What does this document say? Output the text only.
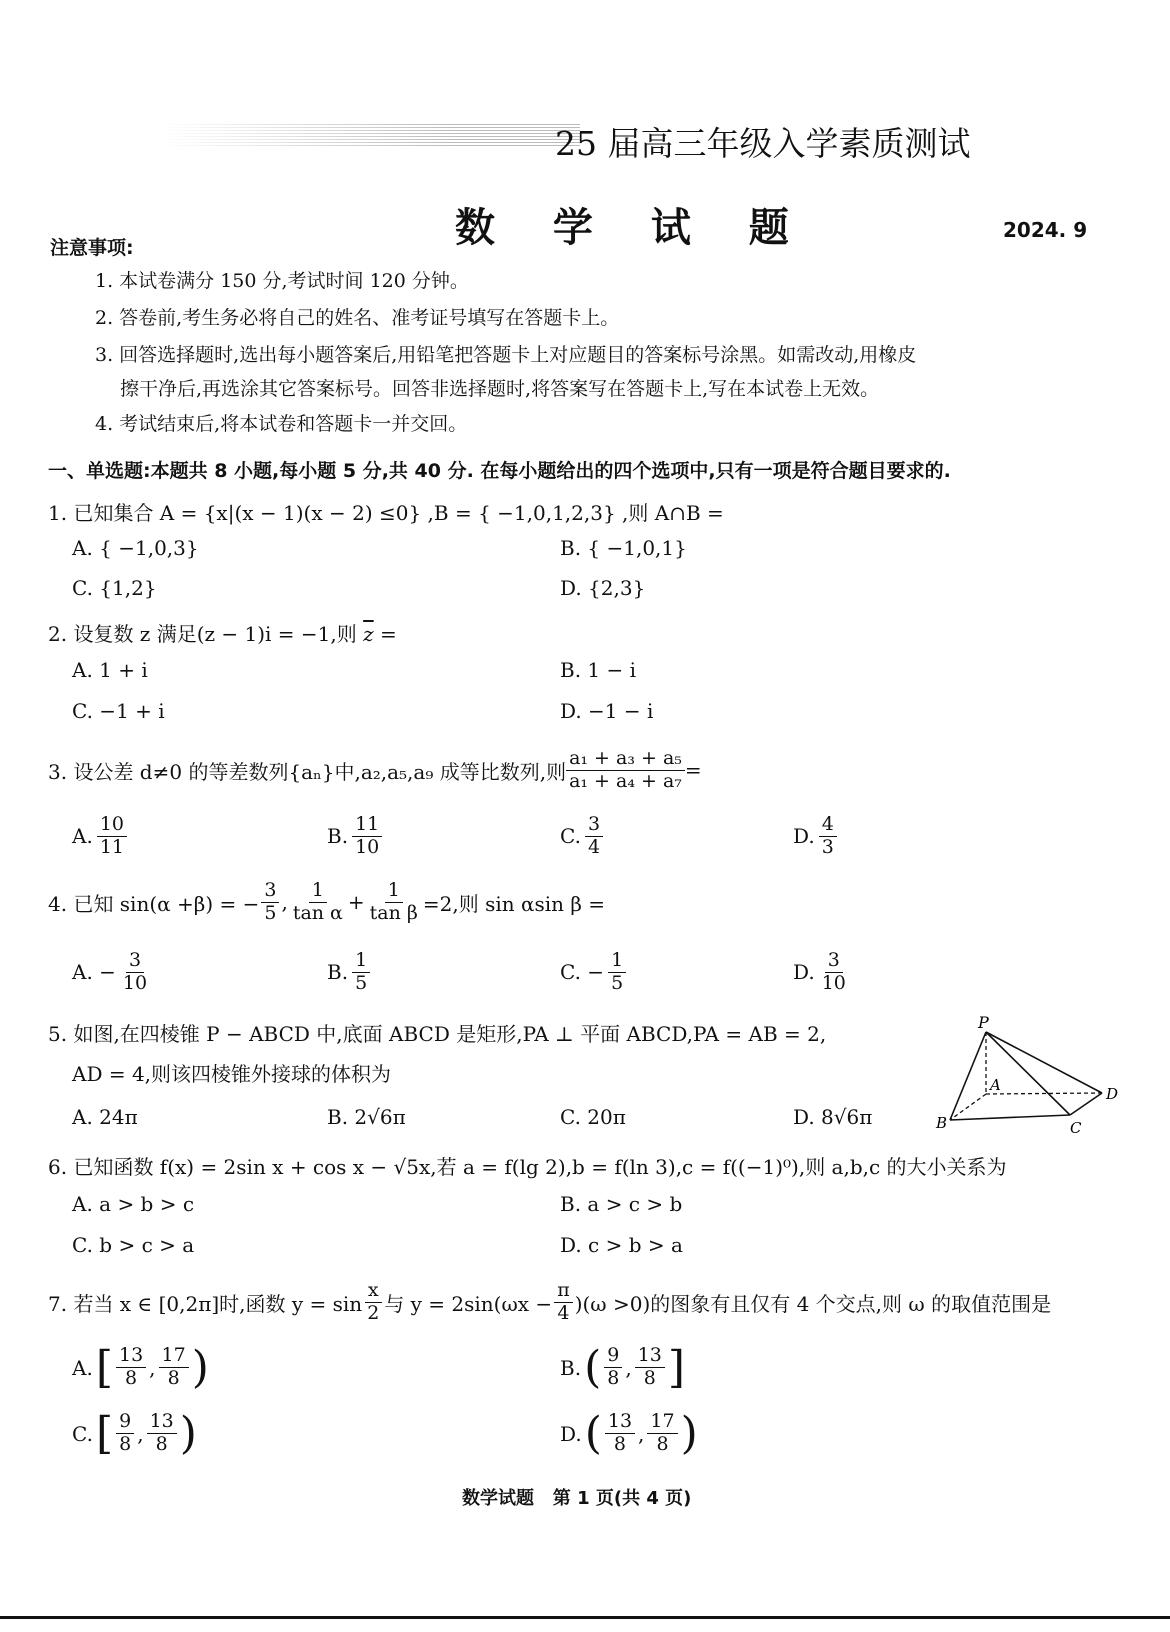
25 届高三年级入学素质测试
数 学 试 题	2024. 9
注意事项:
1. 本试卷满分 150 分,考试时间 120 分钟。
2. 答卷前,考生务必将自己的姓名、准考证号填写在答题卡上。
3. 回答选择题时,选出每小题答案后,用铅笔把答题卡上对应题目的答案标号涂黑。如需改动,用橡皮
擦干净后,再选涂其它答案标号。回答非选择题时,将答案写在答题卡上,写在本试卷上无效。
4. 考试结束后,将本试卷和答题卡一并交回。
一、单选题:本题共 8 小题,每小题 5 分,共 40 分. 在每小题给出的四个选项中,只有一项是符合题目要求的.
1. 已知集合 A = {x|(x − 1)(x − 2) ≤0} ,B = { −1,0,1,2,3} ,则 A∩B =
A. { −1,0,3}	B. { −1,0,1}
C. {1,2}	D. {2,3}
2. 设复数 z 满足(z − 1)i = −1,则 $\overline{z}$ =
A. 1 + i	B. 1 − i
C. −1 + i	D. −1 − i
3. 设公差 d≠0 的等差数列{aₙ}中,a₂,a₅,a₉ 成等比数列,则 $\frac{\text{a₁ + a₃ + a₅}}{\text{a₁ + a₄ + a₇}}$ =
A. $\frac{10}{11}$	B. $\frac{11}{10}$	C. $\frac{3}{4}$	D. $\frac{4}{3}$
4. 已知 sin(α +β) = − $\frac{3}{5}$ , $\frac{1}{\text{tan α}} + \frac{1}{\text{tan β}} =2$,则 sin αsin β =
A. − $\frac{3}{10}$	B. $\frac{1}{5}$	C. − $\frac{1}{5}$	D. $\frac{3}{10}$
5. 如图,在四棱锥 P − ABCD 中,底面 ABCD 是矩形,PA ⊥ 平面 ABCD,PA = AB = 2,
AD = 4,则该四棱锥外接球的体积为
A. 24π	B. 2√6π	C. 20π	D. 8√6π
P
A
B	C
D
6. 已知函数 f(x) = 2sin x + cos x − √5x,若 a = f(lg 2),b = f(ln 3),c = f((−1)⁰),则 a,b,c 的大小关系为
A. a > b > c	B. a > c > b
C. b > c > a	D. c > b > a
7. 若当 x ∈ [0,2π]时,函数 $y = \sin \frac{x}{2}$ 与 $y = 2\sin(\omega x - \frac{\pi}{4} )(\omega >0)$的图象有且仅有 4 个交点,则 ω 的取值范围是
A. [ $\frac{13}{8}$ , $\frac{17}{8}$ )	B. ( $\frac{9}{8}$ , $\frac{13}{8}$ ]
C. [ $\frac{9}{8}$ , $\frac{13}{8}$ )	D. ( $\frac{13}{8}$ , $\frac{17}{8}$ )
数学试题   第 1 页(共 4 页)
